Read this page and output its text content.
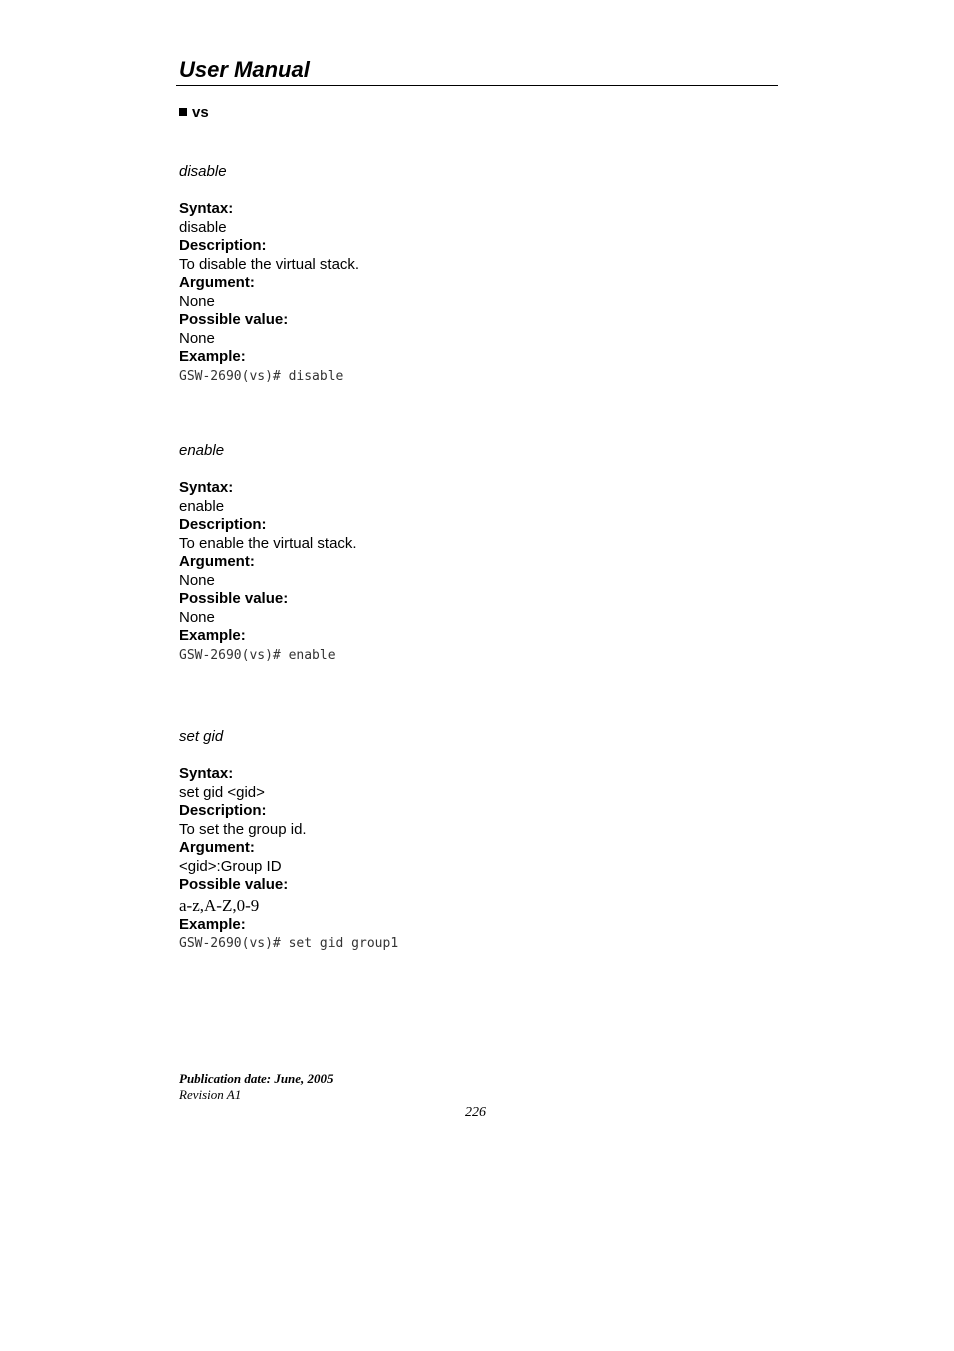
User Manual
vs
disable
Syntax:
disable
Description:
To disable the virtual stack.
Argument:
None
Possible value:
None
Example:
GSW-2690(vs)# disable
enable
Syntax:
enable
Description:
To enable the virtual stack.
Argument:
None
Possible value:
None
Example:
GSW-2690(vs)# enable
set gid
Syntax:
set gid <gid>
Description:
To set the group id.
Argument:
<gid>:Group ID
Possible value:
a-z,A-Z,0-9
Example:
GSW-2690(vs)# set gid group1
Publication date: June, 2005
Revision A1
226
